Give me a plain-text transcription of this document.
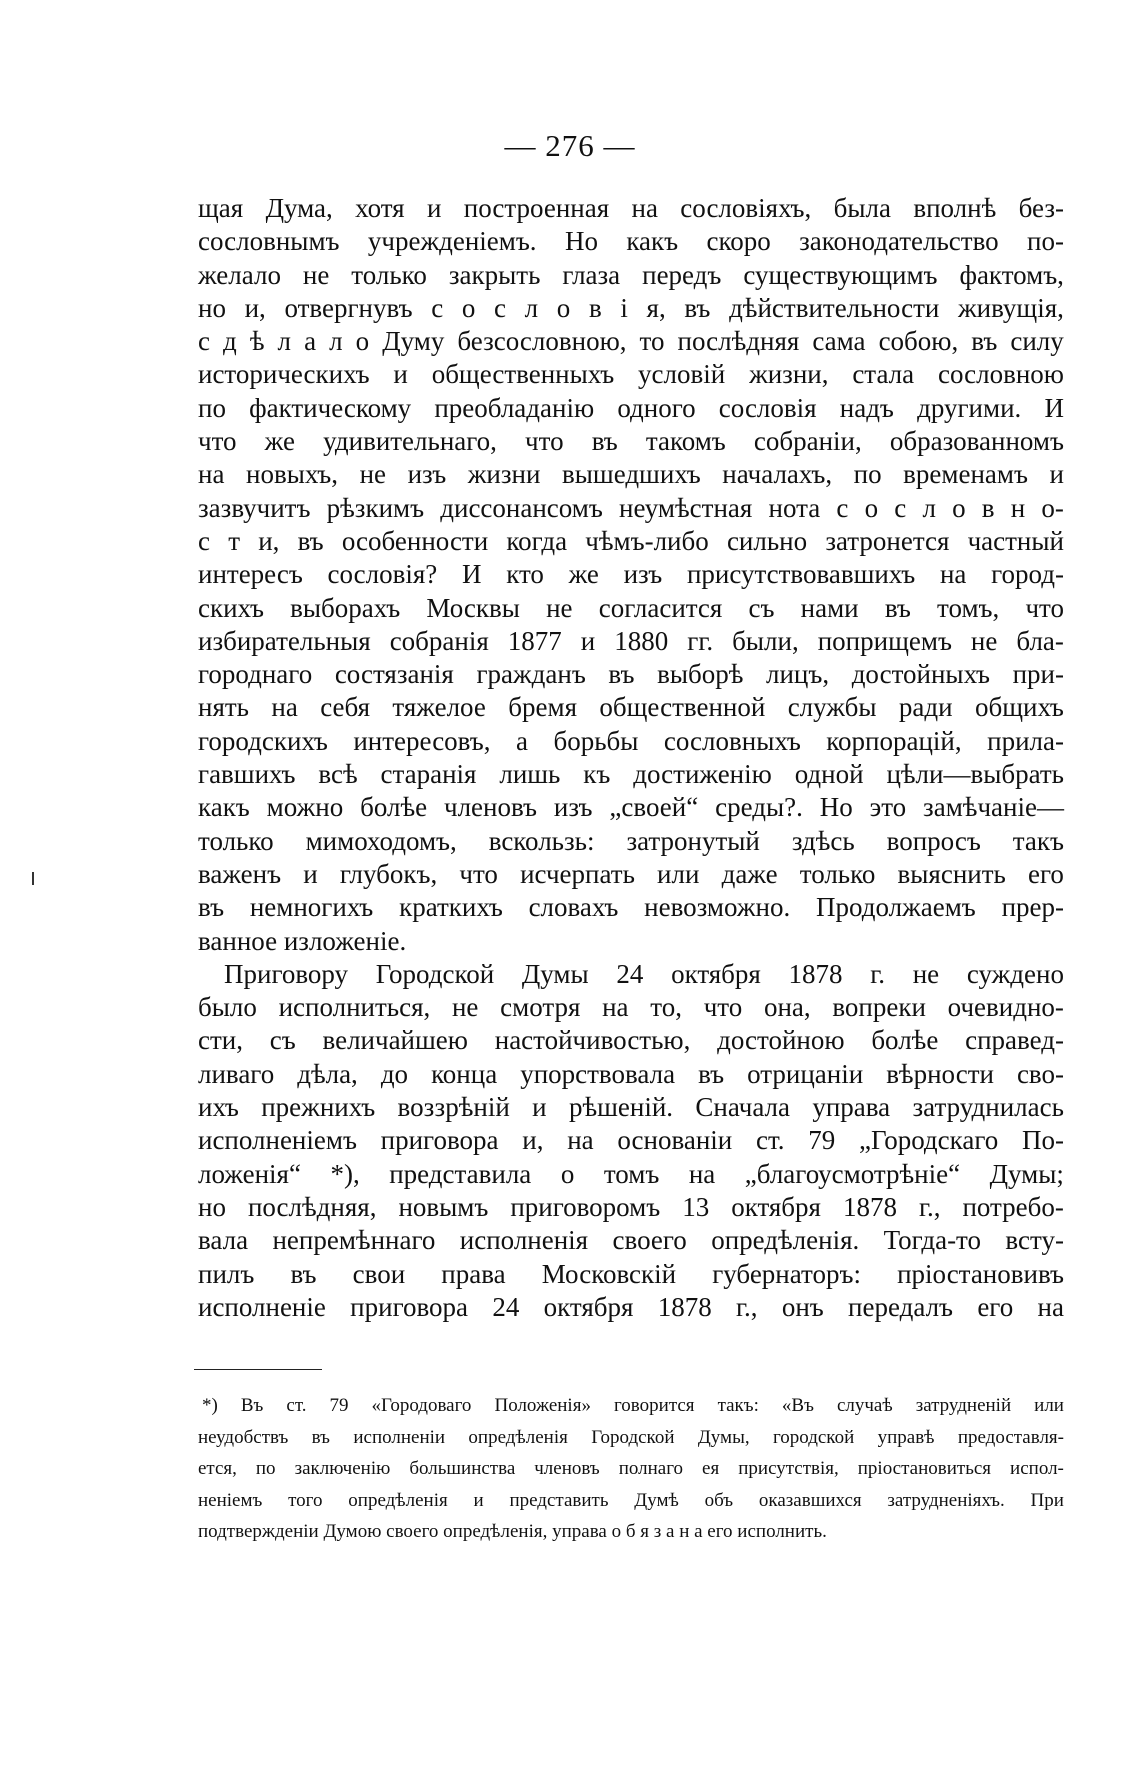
— 276 —
щая Дума, хотя и построенная на сословіяхъ, была вполнѣ без-
сословнымъ учрежденіемъ. Но какъ скоро законодательство по-
желало не только закрыть глаза передъ существующимъ фактомъ,
но и, отвергнувъ с о с л о в і я, въ дѣйствительности живущія,
с д ѣ л а л о Думу безсословною, то послѣдняя сама собою, въ силу
историческихъ и общественныхъ условій жизни, стала сословною
по фактическому преобладанію одного сословія надъ другими. И
что же удивительнаго, что въ такомъ собраніи, образованномъ
на новыхъ, не изъ жизни вышедшихъ началахъ, по временамъ и
зазвучитъ рѣзкимъ диссонансомъ неумѣстная нота с о с л о в н о-
с т и, въ особенности когда чѣмъ-либо сильно затронется частный
интересъ сословія? И кто же изъ присутствовавшихъ на город-
скихъ выборахъ Москвы не согласится съ нами въ томъ, что
избирательныя собранія 1877 и 1880 гг. были, поприщемъ не бла-
городнаго состязанія гражданъ въ выборѣ лицъ, достойныхъ при-
нять на себя тяжелое бремя общественной службы ради общихъ
городскихъ интересовъ, а борьбы сословныхъ корпорацій, прила-
гавшихъ всѣ старанія лишь къ достиженію одной цѣли—выбрать
какъ можно болѣе членовъ изъ „своей“ среды?. Но это замѣчаніе—
только мимоходомъ, вскользь: затронутый здѣсь вопросъ такъ
важенъ и глубокъ, что исчерпать или даже только выяснить его
въ немногихъ краткихъ словахъ невозможно. Продолжаемъ прер-
ванное изложеніе.
Приговору Городской Думы 24 октября 1878 г. не суждено
было исполниться, не смотря на то, что она, вопреки очевидно-
сти, съ величайшею настойчивостью, достойною болѣе справед-
ливаго дѣла, до конца упорствовала въ отрицаніи вѣрности сво-
ихъ прежнихъ воззрѣній и рѣшеній. Сначала управа затруднилась
исполненіемъ приговора и, на основаніи ст. 79 „Городскаго По-
ложенія“ *), представила о томъ на „благоусмотрѣніе“ Думы;
но послѣдняя, новымъ приговоромъ 13 октября 1878 г., потребо-
вала непремѣннаго исполненія своего опредѣленія. Тогда-то всту-
пилъ въ свои права Московскій губернаторъ: пріостановивъ
исполненіе приговора 24 октября 1878 г., онъ передалъ его на
*) Въ ст. 79 «Городоваго Положенія» говорится такъ: «Въ случаѣ затрудненій или
неудобствъ въ исполненіи опредѣленія Городской Думы, городской управѣ предоставля-
ется, по заключенію большинства членовъ полнаго ея присутствія, пріостановиться испол-
неніемъ того опредѣленія и представить Думѣ объ оказавшихся затрудненіяхъ. При
подтвержденіи Думою своего опредѣленія, управа о б я з а н а его исполнить.
